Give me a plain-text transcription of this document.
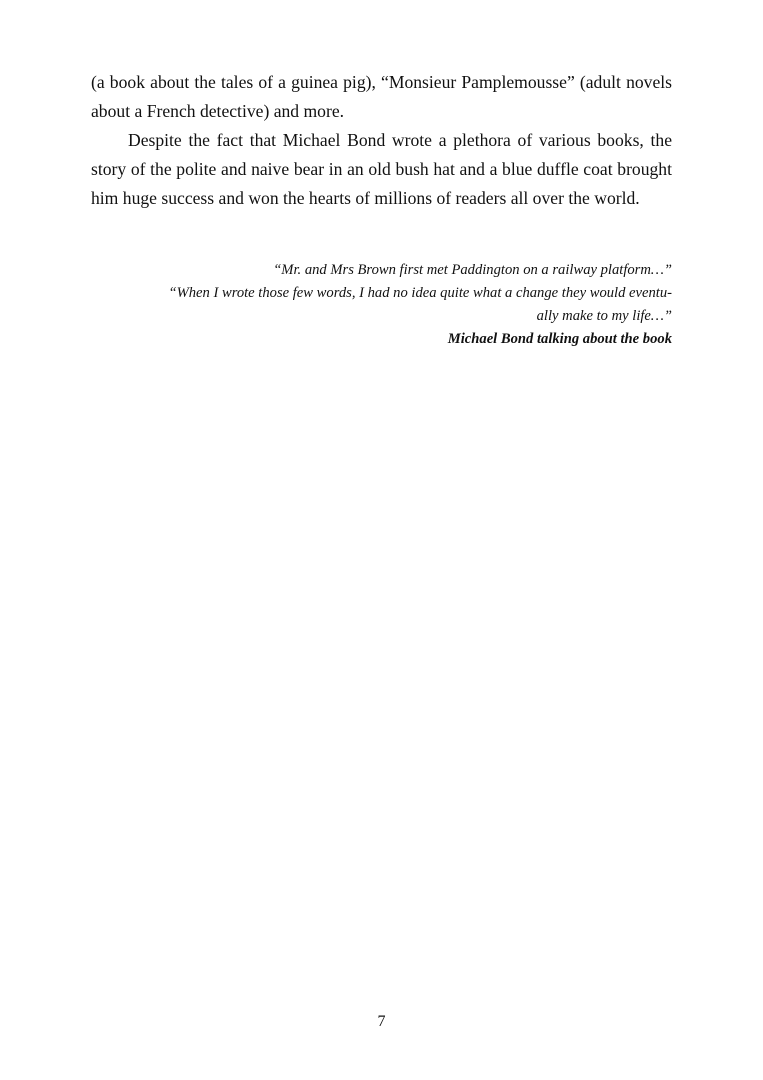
(a book about the tales of a guinea pig), “Monsieur Pamplemousse” (adult novels about a French detective) and more.

Despite the fact that Michael Bond wrote a plethora of various books, the story of the polite and naive bear in an old bush hat and a blue duffle coat brought him huge success and won the hearts of millions of readers all over the world.

“Mr. and Mrs Brown first met Paddington on a railway platform…”
“When I wrote those few words, I had no idea quite what a change they would eventu-
ally make to my life…”
Michael Bond talking about the book
7
